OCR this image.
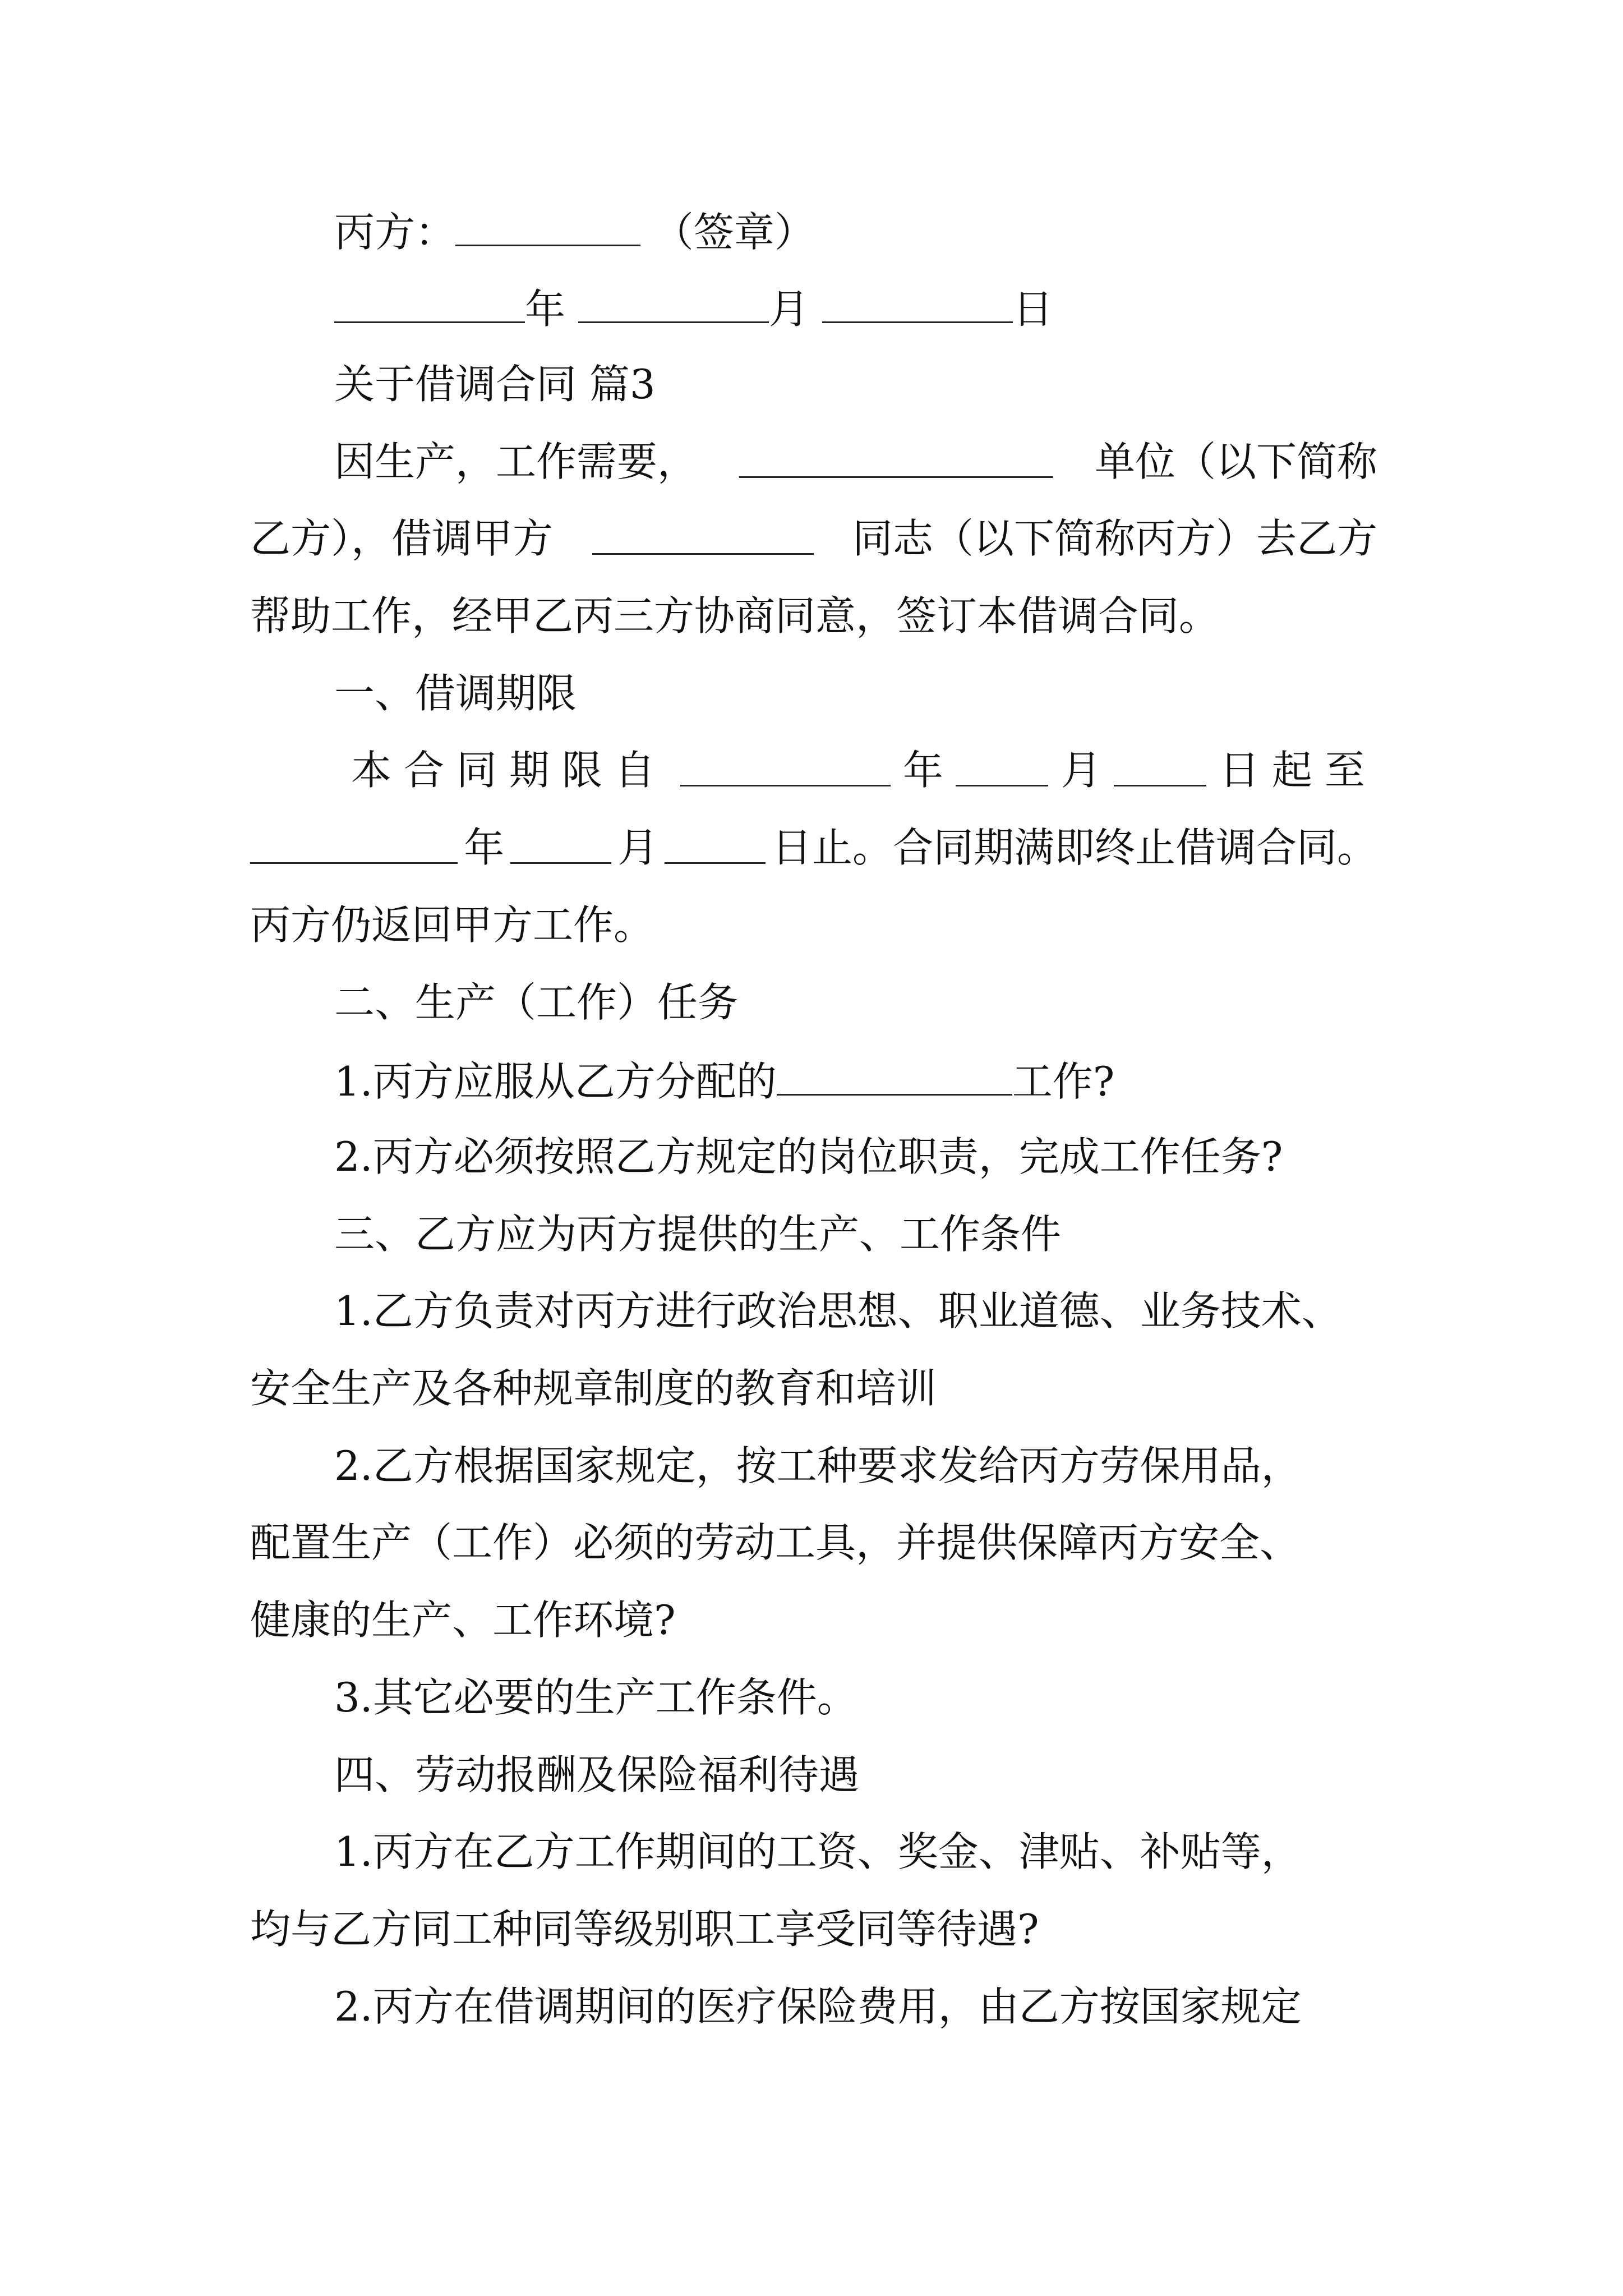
丙方：	（签章）
年	月	日
关于借调合同 篇3
因生产，工作需要，	单位（以下简称
乙方），借调甲方	同志（以下简称丙方）去乙方
帮助工作，经甲乙丙三方协商同意，签订本借调合同。
一、借调期限
本合同期限自	年	月	日起至
年	月	日止。合同期满即终止借调合同。
丙方仍返回甲方工作。
二、生产（工作）任务
1.丙方应服从乙方分配的	工作?
2.丙方必须按照乙方规定的岗位职责，完成工作任务?
三、乙方应为丙方提供的生产、工作条件
1.乙方负责对丙方进行政治思想、职业道德、业务技术、
安全生产及各种规章制度的教育和培训
2.乙方根据国家规定，按工种要求发给丙方劳保用品，
配置生产（工作）必须的劳动工具，并提供保障丙方安全、
健康的生产、工作环境?
3.其它必要的生产工作条件。
四、劳动报酬及保险福利待遇
1.丙方在乙方工作期间的工资、奖金、津贴、补贴等，
均与乙方同工种同等级别职工享受同等待遇?
2.丙方在借调期间的医疗保险费用，由乙方按国家规定
